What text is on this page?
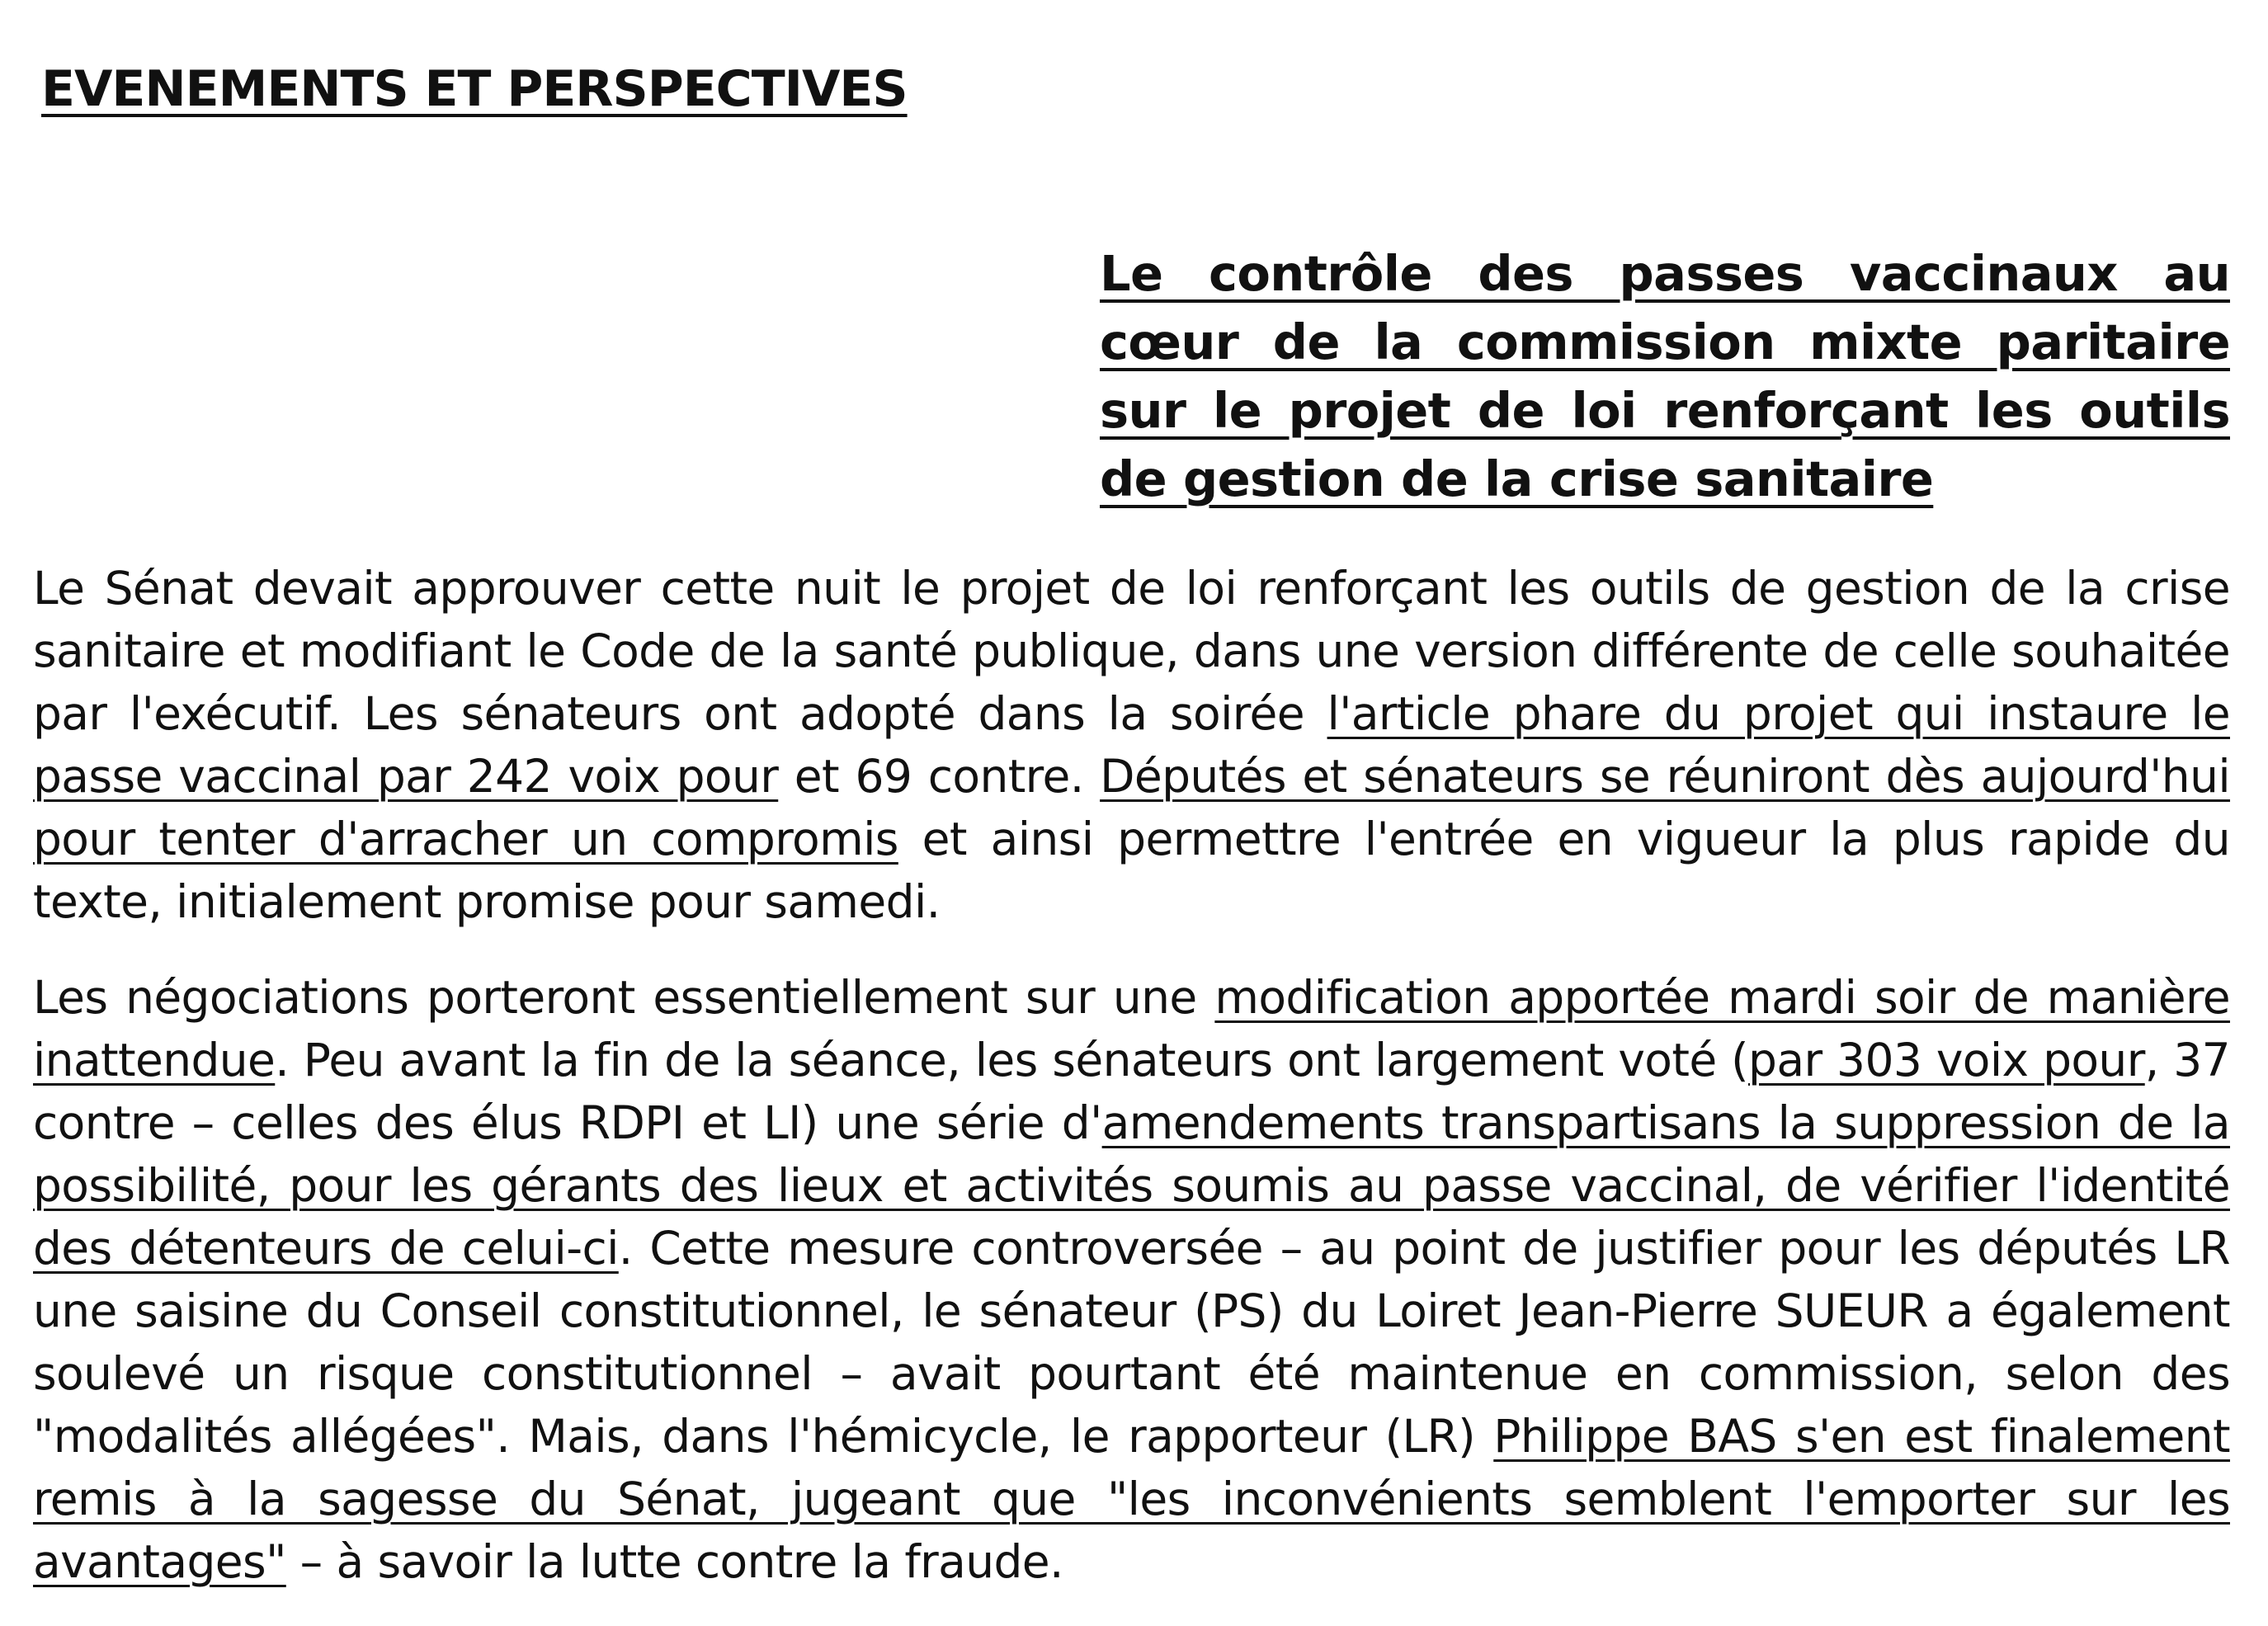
EVENEMENTS ET PERSPECTIVES
Le contrôle des passes vaccinaux au cœur de la commission mixte paritaire sur le projet de loi renforçant les outils de gestion de la crise sanitaire

Le Sénat devait approuver cette nuit le projet de loi renforçant les outils de gestion de la crise sanitaire et modifiant le Code de la santé publique, dans une version différente de celle souhaitée par l'exécutif. Les sénateurs ont adopté dans la soirée l'article phare du projet qui instaure le passe vaccinal par 242 voix pour et 69 contre. Députés et sénateurs se réuniront dès aujourd'hui pour tenter d'arracher un compromis et ainsi permettre l'entrée en vigueur la plus rapide du texte, initialement promise pour samedi.

Les négociations porteront essentiellement sur une modification apportée mardi soir de manière inattendue. Peu avant la fin de la séance, les sénateurs ont largement voté (par 303 voix pour, 37 contre – celles des élus RDPI et LI) une série d'amendements transpartisans la suppression de la possibilité, pour les gérants des lieux et activités soumis au passe vaccinal, de vérifier l'identité des détenteurs de celui-ci. Cette mesure controversée – au point de justifier pour les députés LR une saisine du Conseil constitutionnel, le sénateur (PS) du Loiret Jean-Pierre SUEUR a également soulevé un risque constitutionnel – avait pourtant été maintenue en commission, selon des "modalités allégées". Mais, dans l'hémicycle, le rapporteur (LR) Philippe BAS s'en est finalement remis à la sagesse du Sénat, jugeant que "les inconvénients semblent l'emporter sur les avantages" – à savoir la lutte contre la fraude.
